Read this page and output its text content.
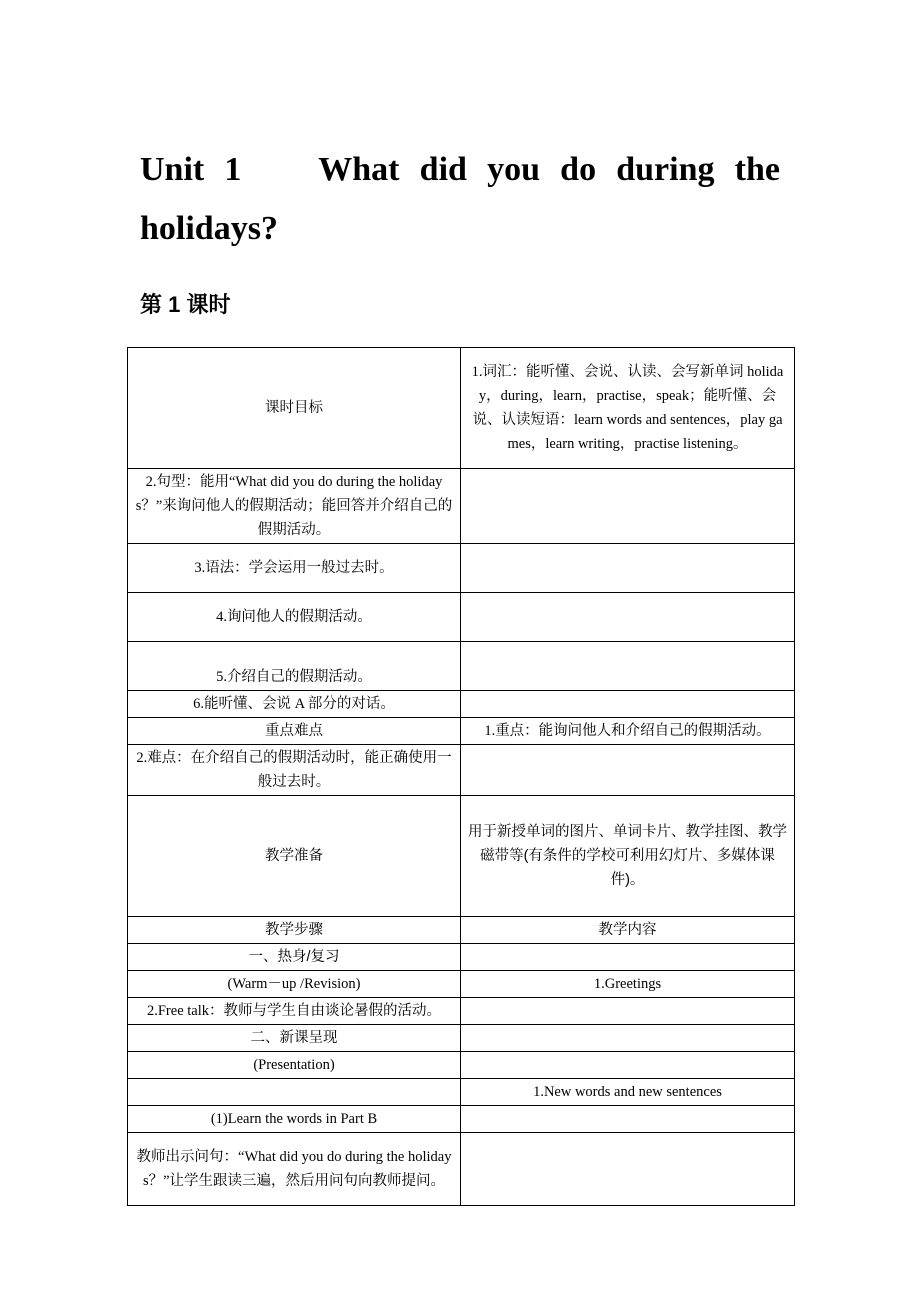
Unit 1　 What did you do during the
holidays?
第 1 课时
课时目标	1.词汇：能听懂、会说、认读、会写新单词 holiday，during，learn，practise，speak；能听懂、会说、认读短语：learn words and sentences，play games，learn writing，practise listening。
2.句型：能用“What did you do during the holidays？”来询问他人的假期活动；能回答并介绍自己的假期活动。	
3.语法：学会运用一般过去时。	
4.询问他人的假期活动。	
5.介绍自己的假期活动。	
6.能听懂、会说 A 部分的对话。	
重点难点	1.重点：能询问他人和介绍自己的假期活动。
2.难点：在介绍自己的假期活动时，能正确使用一般过去时。	
教学准备	用于新授单词的图片、单词卡片、教学挂图、教学磁带等(有条件的学校可利用幻灯片、多媒体课件)。
教学步骤	教学内容
一、热身/复习	
(Warm－up /Revision)	1.Greetings
2.Free talk：教师与学生自由谈论暑假的活动。	
二、新课呈现	
(Presentation)	
	1.New words and new sentences
(1)Learn the words in Part B	
教师出示问句：“What did you do during the holidays？”让学生跟读三遍，然后用问句向教师提问。	
